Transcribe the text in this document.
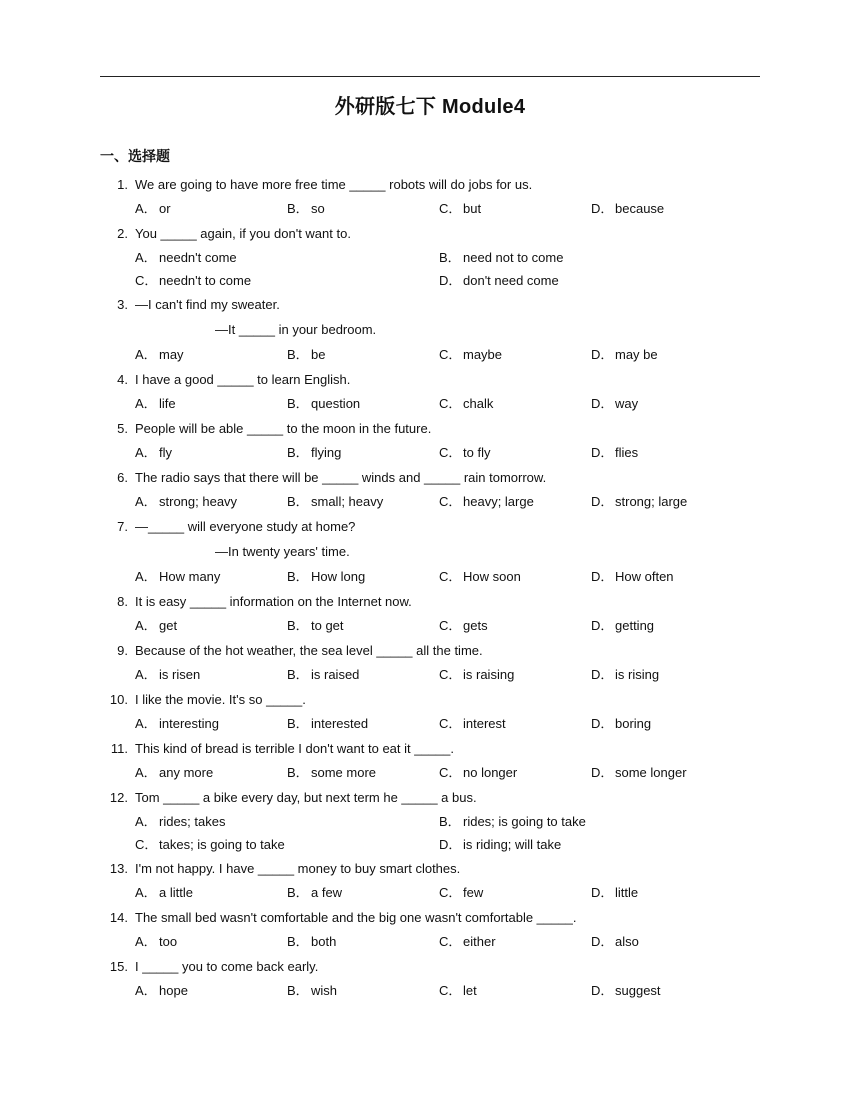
外研版七下 Module4
一、选择题
1. We are going to have more free time _____ robots will do jobs for us.
A． or	B． so	C． but	D． because
2. You _____ again, if you don't want to.
A． needn't come	B． need not to come
C． needn't to come	D． don't need come
3. —I can't find my sweater.
—It _____ in your bedroom.
A． may	B． be	C． maybe	D． may be
4. I have a good _____ to learn English.
A． life	B． question	C． chalk	D． way
5. People will be able _____ to the moon in the future.
A． fly	B． flying	C． to fly	D． flies
6. The radio says that there will be _____ winds and _____ rain tomorrow.
A． strong; heavy	B． small; heavy	C． heavy; large	D． strong; large
7. —_____ will everyone study at home?
—In twenty years' time.
A． How many	B． How long	C． How soon	D． How often
8. It is easy _____ information on the Internet now.
A． get	B． to get	C． gets	D． getting
9. Because of the hot weather, the sea level _____ all the time.
A． is risen	B． is raised	C． is raising	D． is rising
10. I like the movie. It's so _____.
A． interesting	B． interested	C． interest	D． boring
11. This kind of bread is terrible I don't want to eat it _____.
A． any more	B． some more	C． no longer	D． some longer
12. Tom _____ a bike every day, but next term he _____ a bus.
A． rides; takes	B． rides; is going to take
C． takes; is going to take	D． is riding; will take
13. I'm not happy. I have _____ money to buy smart clothes.
A． a little	B． a few	C． few	D． little
14. The small bed wasn't comfortable and the big one wasn't comfortable _____.
A． too	B． both	C． either	D． also
15. I _____ you to come back early.
A． hope	B． wish	C． let	D． suggest
